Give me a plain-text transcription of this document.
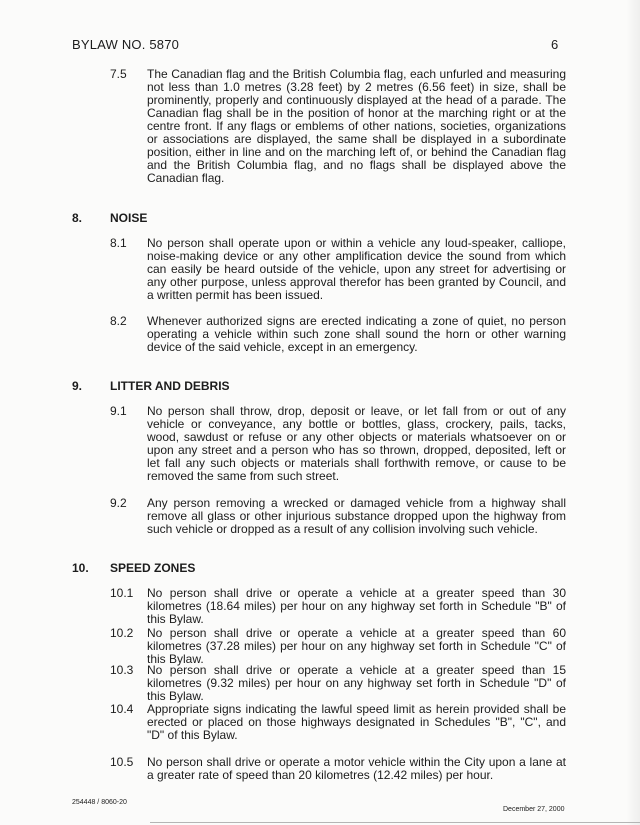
BYLAW NO. 5870	6
7.5 The Canadian flag and the British Columbia flag, each unfurled and measuring not less than 1.0 metres (3.28 feet) by 2 metres (6.56 feet) in size, shall be prominently, properly and continuously displayed at the head of a parade. The Canadian flag shall be in the position of honor at the marching right or at the centre front. If any flags or emblems of other nations, societies, organizations or associations are displayed, the same shall be displayed in a subordinate position, either in line and on the marching left of, or behind the Canadian flag and the British Columbia flag, and no flags shall be displayed above the Canadian flag.
8. NOISE
8.1 No person shall operate upon or within a vehicle any loud-speaker, calliope, noise-making device or any other amplification device the sound from which can easily be heard outside of the vehicle, upon any street for advertising or any other purpose, unless approval therefor has been granted by Council, and a written permit has been issued.
8.2 Whenever authorized signs are erected indicating a zone of quiet, no person operating a vehicle within such zone shall sound the horn or other warning device of the said vehicle, except in an emergency.
9. LITTER AND DEBRIS
9.1 No person shall throw, drop, deposit or leave, or let fall from or out of any vehicle or conveyance, any bottle or bottles, glass, crockery, pails, tacks, wood, sawdust or refuse or any other objects or materials whatsoever on or upon any street and a person who has so thrown, dropped, deposited, left or let fall any such objects or materials shall forthwith remove, or cause to be removed the same from such street.
9.2 Any person removing a wrecked or damaged vehicle from a highway shall remove all glass or other injurious substance dropped upon the highway from such vehicle or dropped as a result of any collision involving such vehicle.
10. SPEED ZONES
10.1 No person shall drive or operate a vehicle at a greater speed than 30 kilometres (18.64 miles) per hour on any highway set forth in Schedule "B" of this Bylaw.
10.2 No person shall drive or operate a vehicle at a greater speed than 60 kilometres (37.28 miles) per hour on any highway set forth in Schedule "C" of this Bylaw.
10.3 No person shall drive or operate a vehicle at a greater speed than 15 kilometres (9.32 miles) per hour on any highway set forth in Schedule "D" of this Bylaw.
10.4 Appropriate signs indicating the lawful speed limit as herein provided shall be erected or placed on those highways designated in Schedules "B", "C", and "D" of this Bylaw.
10.5 No person shall drive or operate a motor vehicle within the City upon a lane at a greater rate of speed than 20 kilometres (12.42 miles) per hour.
254448 / 8060-20
December 27, 2000
